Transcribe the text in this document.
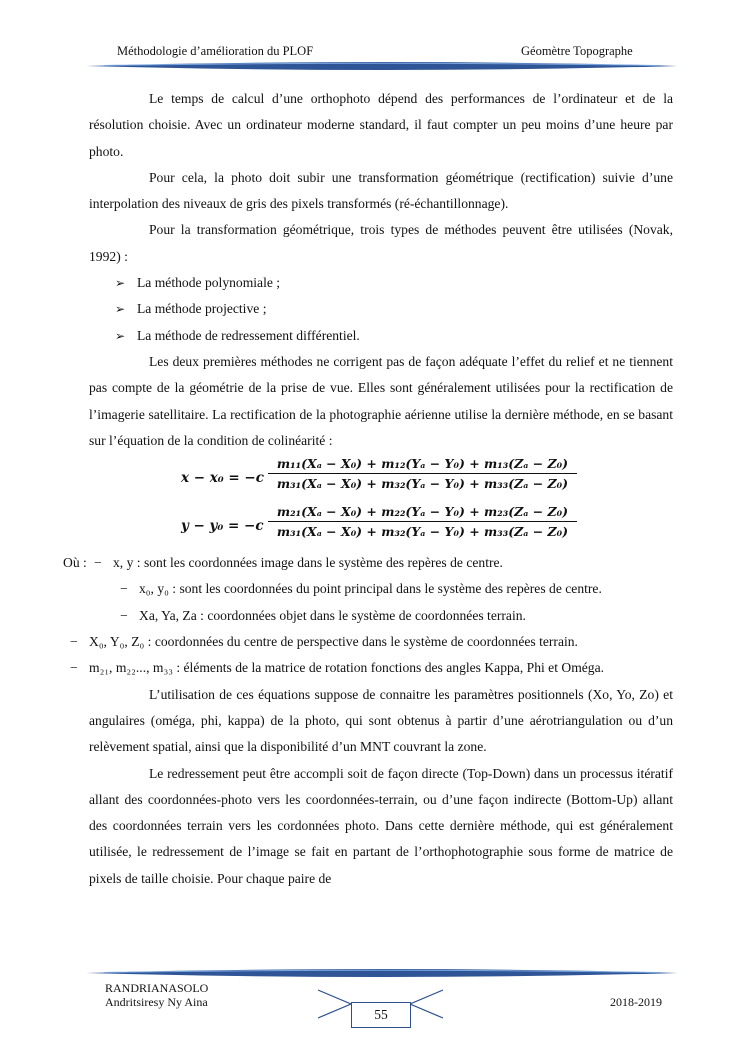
Méthodologie d’amélioration du PLOF	Géomètre Topographe

Le temps de calcul d’une orthophoto dépend des performances de l’ordinateur et de la résolution choisie. Avec un ordinateur moderne standard, il faut compter un peu moins d’une heure par photo.

Pour cela, la photo doit subir une transformation géométrique (rectification) suivie d’une interpolation des niveaux de gris des pixels transformés (ré-échantillonnage).

Pour la transformation géométrique, trois types de méthodes peuvent être utilisées (Novak, 1992) :

➢ La méthode polynomiale ;

➢ La méthode projective ;

➢ La méthode de redressement différentiel.

Les deux premières méthodes ne corrigent pas de façon adéquate l’effet du relief et ne tiennent pas compte de la géométrie de la prise de vue. Elles sont généralement utilisées pour la rectification de l’imagerie satellitaire. La rectification de la photographie aérienne utilise la dernière méthode, en se basant sur l’équation de la condition de colinéarité :

$x - x_0 = -c \frac{\text{m₁₁(Xₐ − X₀) + m₁₂(Yₐ − Y₀) + m₁₃(Zₐ − Z₀)}}{\text{m₃₁(Xₐ − X₀) + m₃₂(Yₐ − Y₀) + m₃₃(Zₐ − Z₀)}}$
$y - y_0 = -c \frac{\text{m₂₁(Xₐ − X₀) + m₂₂(Yₐ − Y₀) + m₂₃(Zₐ − Z₀)}}{\text{m₃₁(Xₐ − X₀) + m₃₂(Yₐ − Y₀) + m₃₃(Zₐ − Z₀)}}$

Où : − x, y : sont les coordonnées image dans le système des repères de centre.

− x₀, y₀ : sont les coordonnées du point principal dans le système des repères de centre.

− Xa, Ya, Za : coordonnées objet dans le système de coordonnées terrain.

− X₀, Y₀, Z₀ : coordonnées du centre de perspective dans le système de coordonnées terrain.

− m₂₁, m₂₂..., m₃₃ : éléments de la matrice de rotation fonctions des angles Kappa, Phi et Oméga.

L’utilisation de ces équations suppose de connaitre les paramètres positionnels (Xo, Yo, Zo) et angulaires (oméga, phi, kappa) de la photo, qui sont obtenus à partir d’une aérotriangulation ou d’un relèvement spatial, ainsi que la disponibilité d’un MNT couvrant la zone.

Le redressement peut être accompli soit de façon directe (Top-Down) dans un processus itératif allant des coordonnées-photo vers les coordonnées-terrain, ou d’une façon indirecte (Bottom-Up) allant des coordonnées terrain vers les cordonnées photo. Dans cette dernière méthode, qui est généralement utilisée, le redressement de l’image se fait en partant de l’orthophotographie sous forme de matrice de pixels de taille choisie. Pour chaque paire de

RANDRIANASOLO
Andritsiresy Ny Aina	2018-2019
55
